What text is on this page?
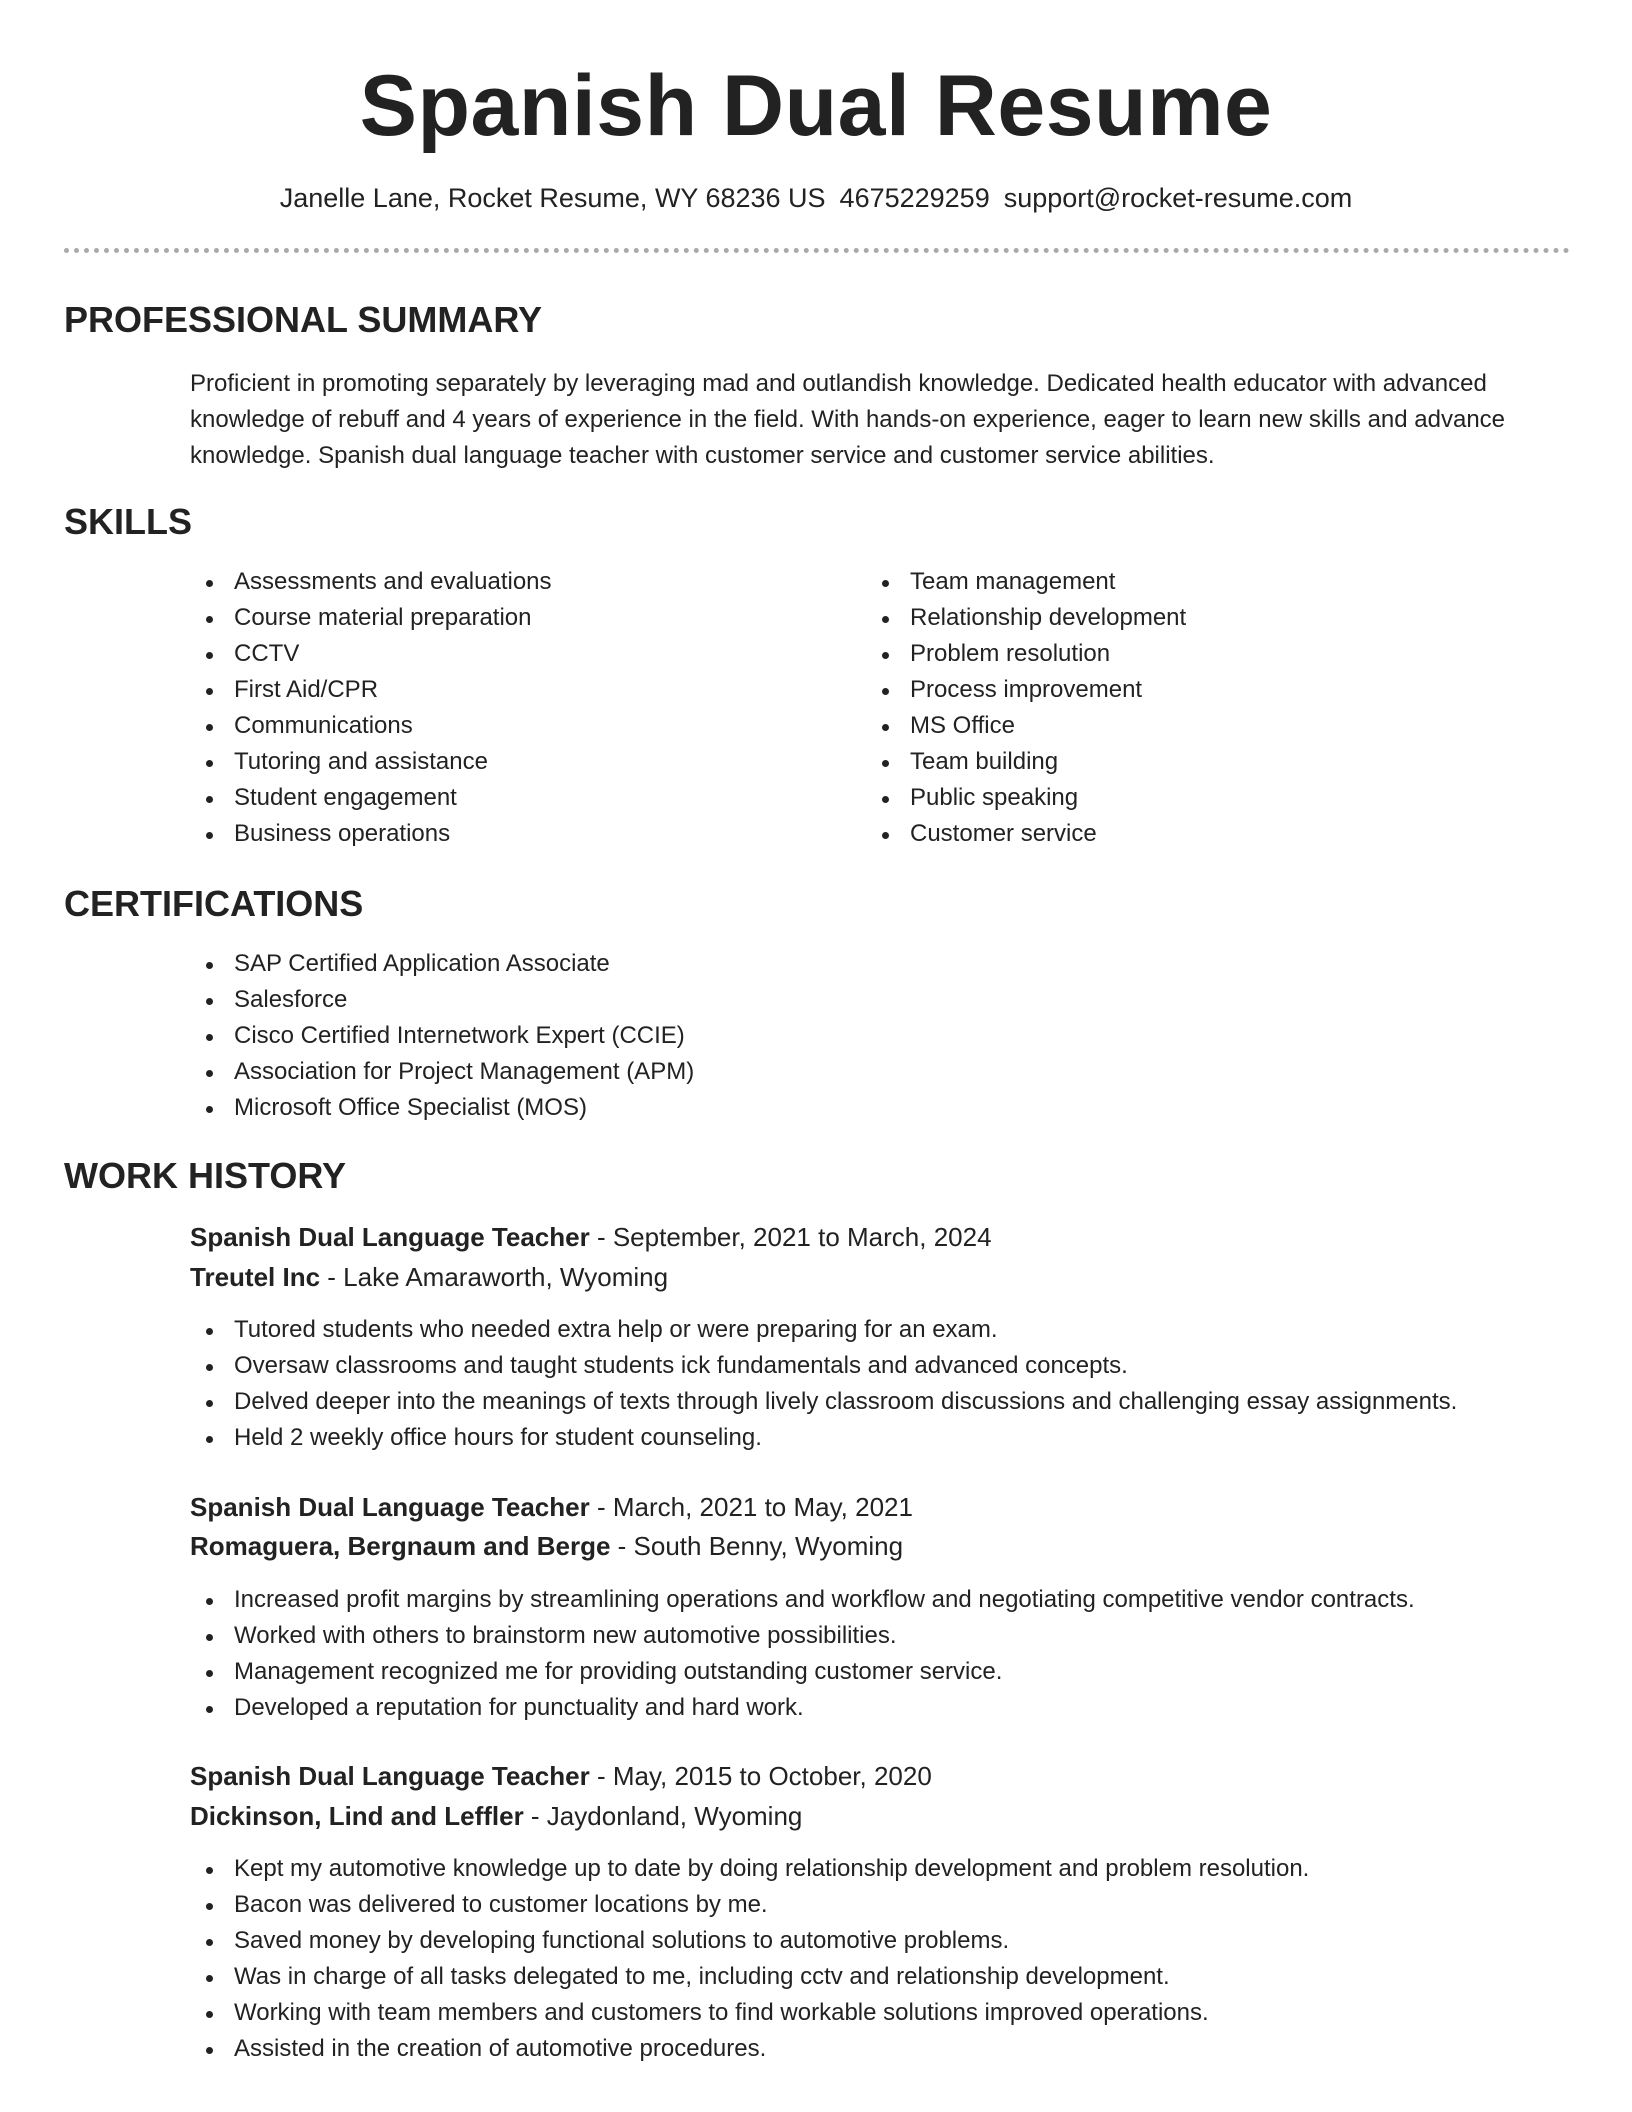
Spanish Dual Resume
Janelle Lane, Rocket Resume, WY 68236 US 4675229259 support@rocket-resume.com
PROFESSIONAL SUMMARY

Proficient in promoting separately by leveraging mad and outlandish knowledge. Dedicated health educator with advanced knowledge of rebuff and 4 years of experience in the field. With hands-on experience, eager to learn new skills and advance knowledge. Spanish dual language teacher with customer service and customer service abilities.

SKILLS
Assessments and evaluations
Course material preparation
CCTV
First Aid/CPR
Communications
Tutoring and assistance
Student engagement
Business operations
Team management
Relationship development
Problem resolution
Process improvement
MS Office
Team building
Public speaking
Customer service
CERTIFICATIONS
SAP Certified Application Associate
Salesforce
Cisco Certified Internetwork Expert (CCIE)
Association for Project Management (APM)
Microsoft Office Specialist (MOS)
WORK HISTORY
Spanish Dual Language Teacher - September, 2021 to March, 2024
Treutel Inc - Lake Amaraworth, Wyoming
Tutored students who needed extra help or were preparing for an exam.
Oversaw classrooms and taught students ick fundamentals and advanced concepts.
Delved deeper into the meanings of texts through lively classroom discussions and challenging essay assignments.
Held 2 weekly office hours for student counseling.
Spanish Dual Language Teacher - March, 2021 to May, 2021
Romaguera, Bergnaum and Berge - South Benny, Wyoming
Increased profit margins by streamlining operations and workflow and negotiating competitive vendor contracts.
Worked with others to brainstorm new automotive possibilities.
Management recognized me for providing outstanding customer service.
Developed a reputation for punctuality and hard work.
Spanish Dual Language Teacher - May, 2015 to October, 2020
Dickinson, Lind and Leffler - Jaydonland, Wyoming
Kept my automotive knowledge up to date by doing relationship development and problem resolution.
Bacon was delivered to customer locations by me.
Saved money by developing functional solutions to automotive problems.
Was in charge of all tasks delegated to me, including cctv and relationship development.
Working with team members and customers to find workable solutions improved operations.
Assisted in the creation of automotive procedures.
